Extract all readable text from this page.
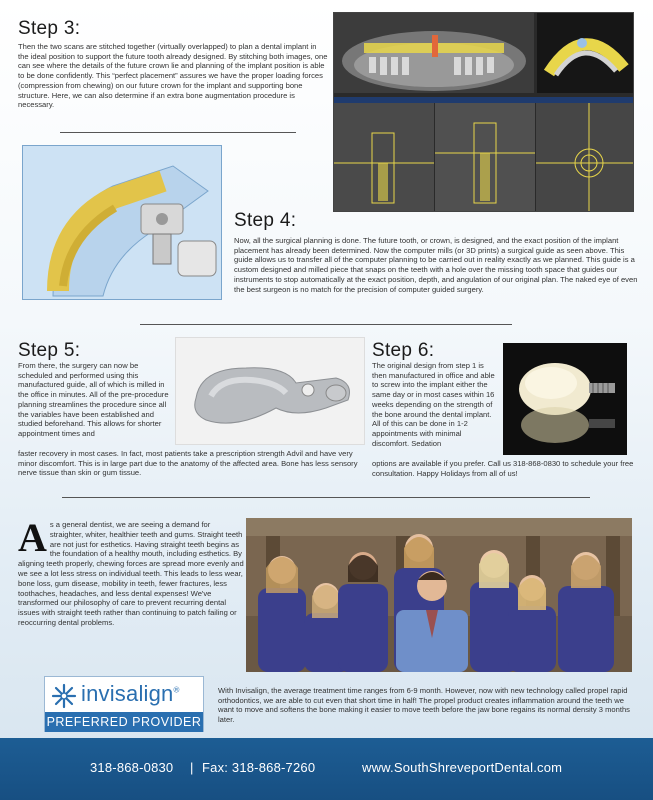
Step 3:
Then the two scans are stitched together (virtually overlapped) to plan a dental implant in the ideal position to support the future tooth already designed. By stitching both images, one can see where the details of the future crown lie and planning of the implant position is able to be done confidently. This “perfect placement” assures we have the proper loading forces (compression from chewing) on our future crown for the implant and supporting bone structure. Here, we can also determine if an extra bone augmentation procedure is necessary.
Step 4:
Now, all the surgical planning is done. The future tooth, or crown, is designed, and the exact position of the implant placement has already been determined. Now the computer mills (or 3D prints) a surgical guide as seen above. This guide allows us to transfer all of the computer planning to be carried out in reality exactly as we planned. This guide is a custom designed and milled piece that snaps on the teeth with a hole over the missing tooth space that guides our instruments to stop automatically at the exact position, depth, and angulation of our original plan. The naked eye of even the best surgeon is no match for the precision of computer guided surgery.
Step 5:
From there, the surgery can now be scheduled and performed using this manufactured guide, all of which is milled in the office in minutes. All of the pre-procedure planning streamlines the procedure since all the variables have been established and studied beforehand. This allows for shorter appointment times and
faster recovery in most cases. In fact, most patients take a prescription strength Advil and have very minor discomfort. This is in large part due to the anatomy of the affected area. Bone has less sensory nerve tissue than skin or gum tissue.
Step 6:
The original design from step 1 is then manufactured in office and able to screw into the implant either the same day or in most cases within 16 weeks depending on the strength of the bone around the dental implant. All of this can be done in 1-2 appointments with minimal discomfort. Sedation
options are available if you prefer. Call us 318-868-0830 to schedule your free consultation. Happy Holidays from all of us!
A s a general dentist, we are seeing a demand for straighter, whiter, healthier teeth and gums. Straight teeth are not just for esthetics. Having straight teeth begins as the foundation of a healthy mouth, including esthetics. By aligning teeth properly, chewing forces are spread more evenly and we see a lot less stress on individual teeth. This leads to less wear, bone loss, gum disease, mobility in teeth, fewer fractures, less toothaches, headaches, and less dental expenses! We've transformed our philosophy of care to prevent recurring dental issues with straight teeth rather than continuing to patch failing or reoccurring dental problems.
invisalign®
PREFERRED PROVIDER
With Invisalign, the average treatment time ranges from 6-9 month. However, now with new technology called propel rapid orthodontics, we are able to cut even that short time in half! The propel product creates inflammation around the teeth we want to move and softens the bone making it easier to move teeth before the jaw bone regains its normal density 3 months later.
318-868-0830 | Fax: 318-868-7260	www.SouthShreveportDental.com
